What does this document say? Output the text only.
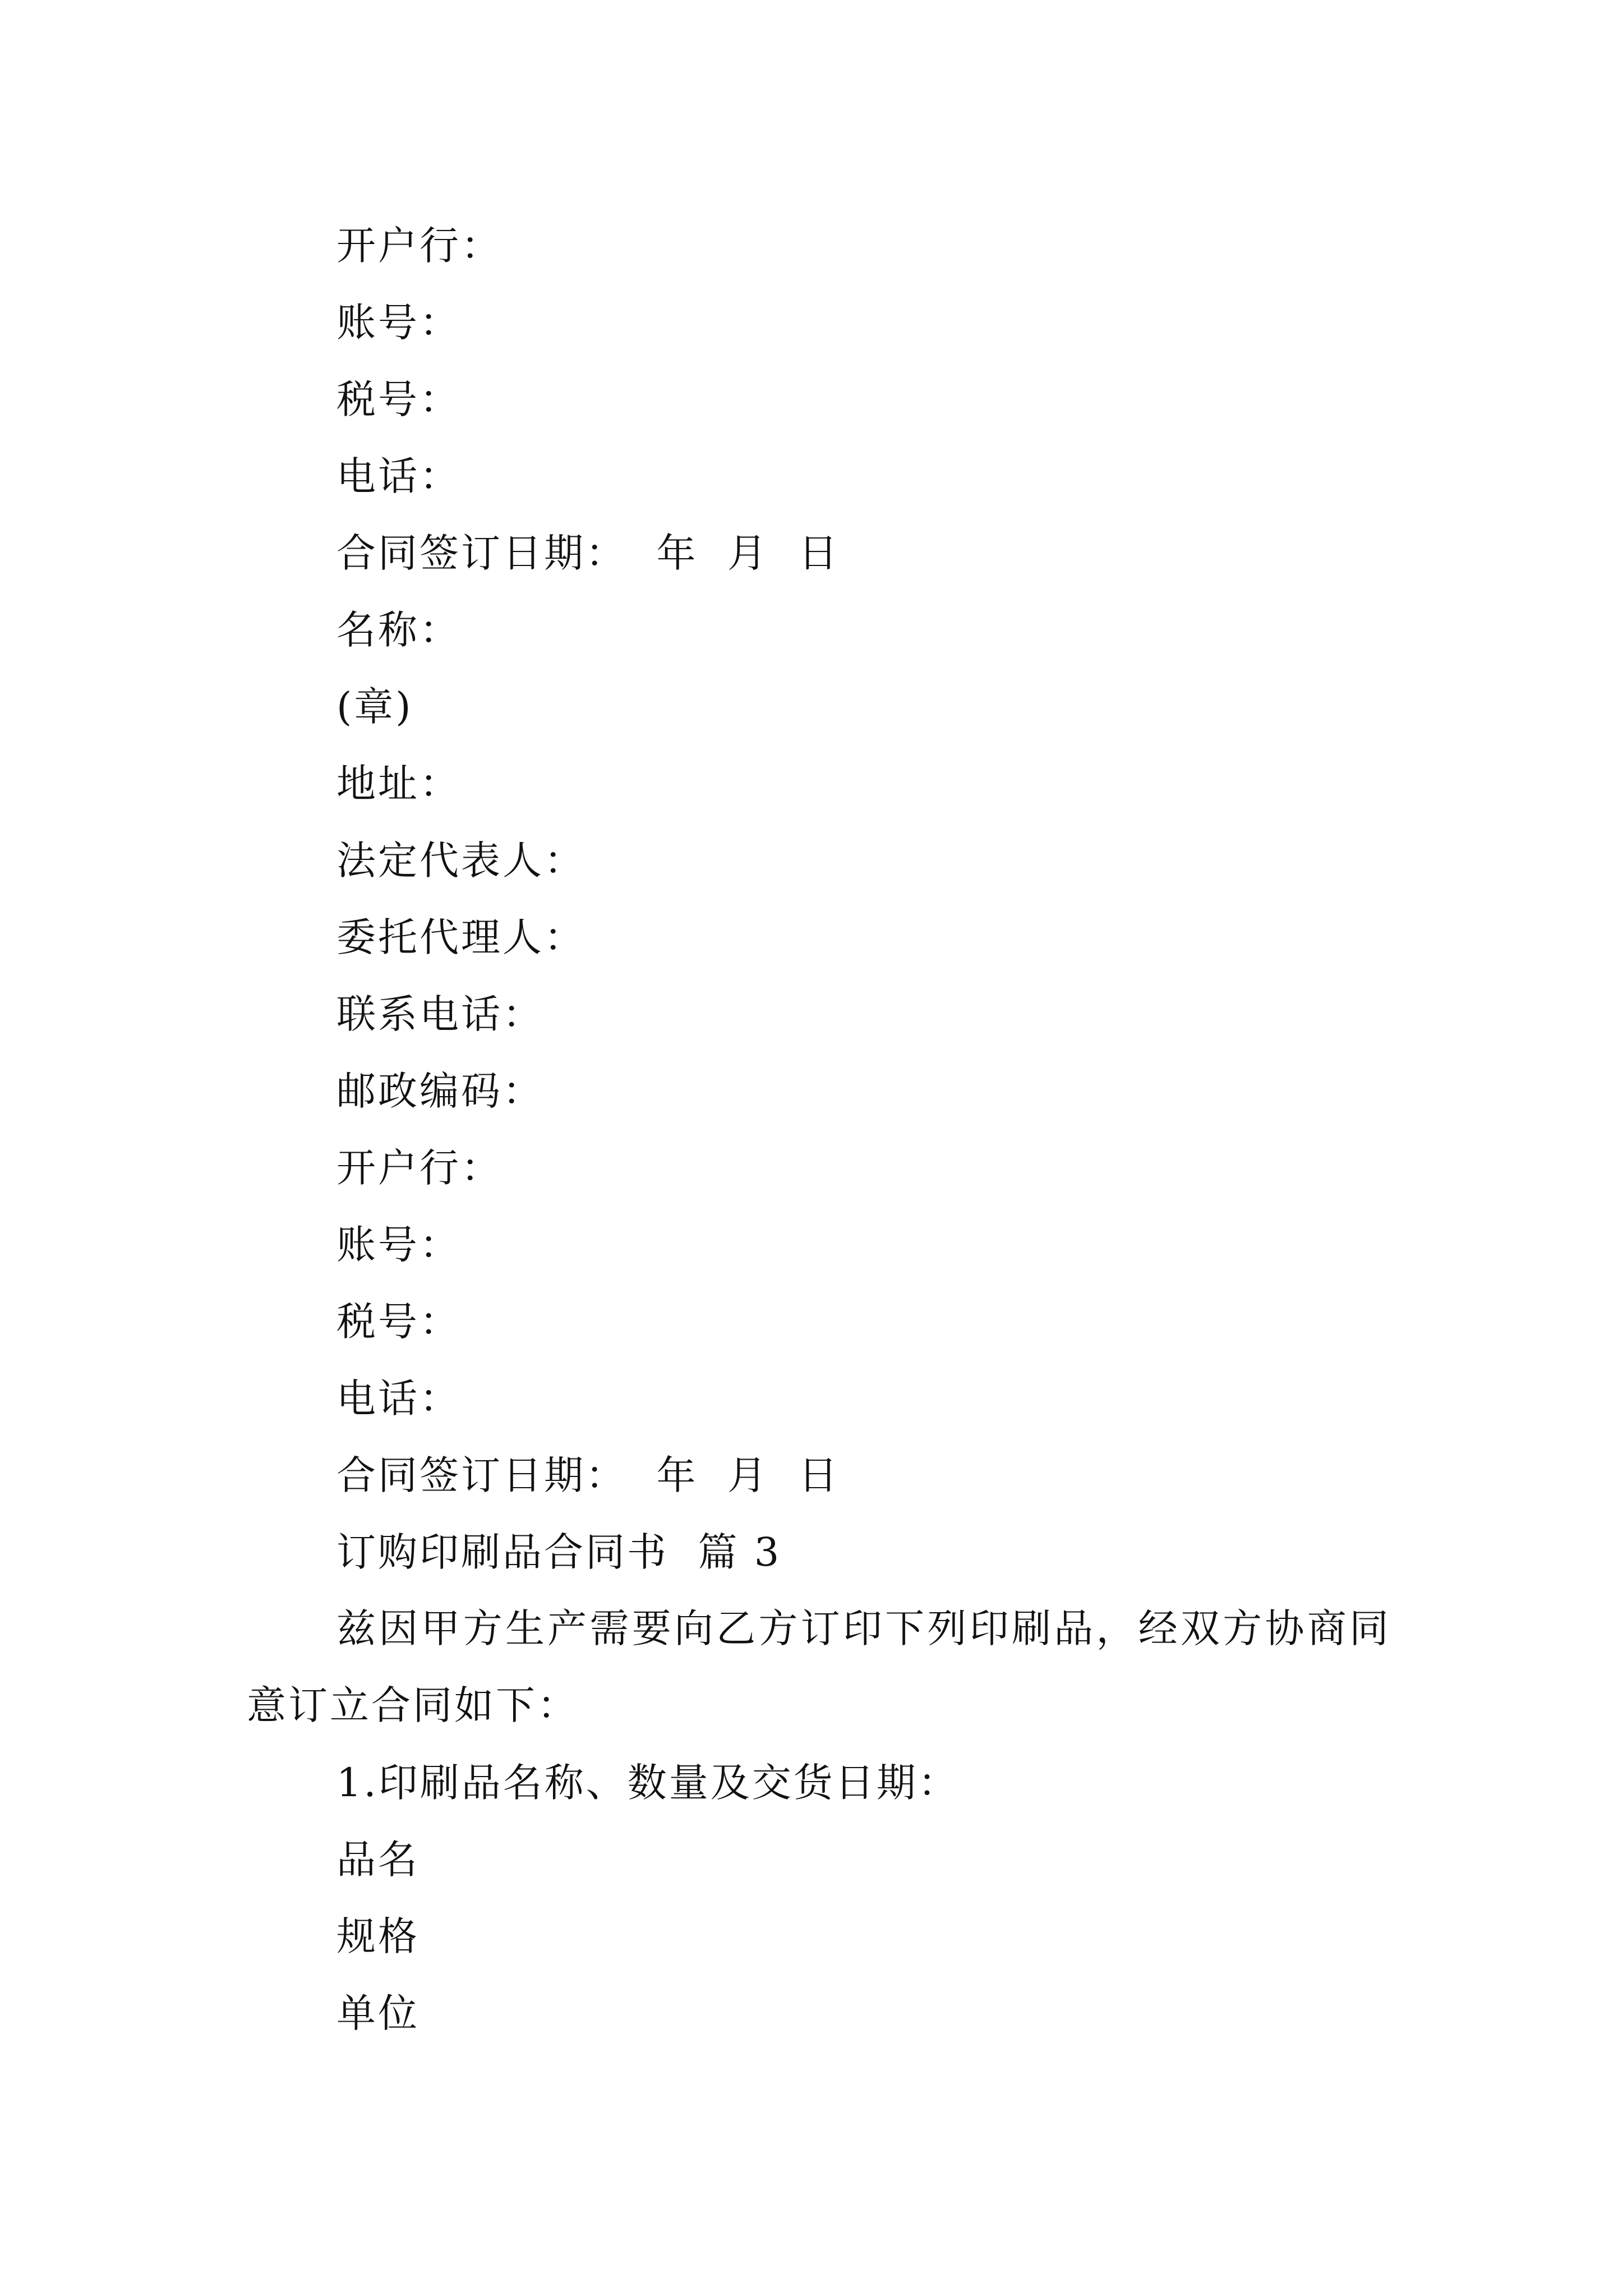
开户行：
账号：
税号：
电话：
合同签订日期：  年  月  日
名称：
(章)
地址：
法定代表人：
委托代理人：
联系电话：
邮政编码：
开户行：
账号：
税号：
电话：
合同签订日期：  年  月  日
订购印刷品合同书  篇 3
兹因甲方生产需要向乙方订印下列印刷品，经双方协商同意订立合同如下：
1.印刷品名称、数量及交货日期：
品名
规格
单位
